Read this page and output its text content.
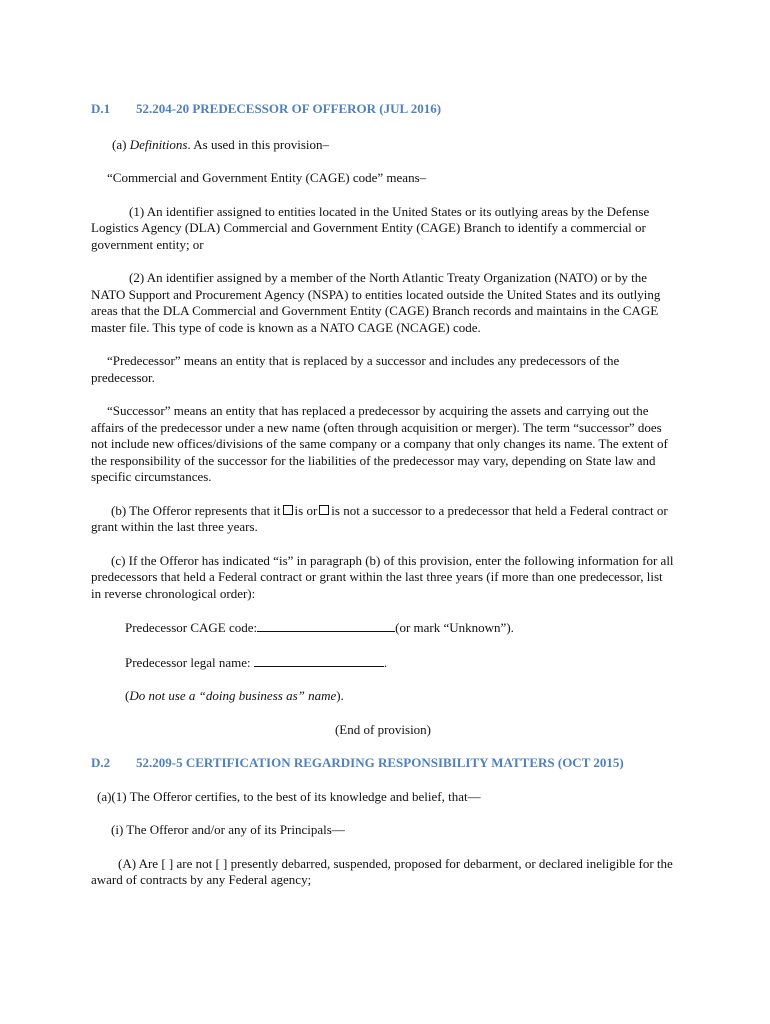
D.1 52.204-20 PREDECESSOR OF OFFEROR (JUL 2016)

(a) Definitions. As used in this provision–

“Commercial and Government Entity (CAGE) code” means–

(1) An identifier assigned to entities located in the United States or its outlying areas by the Defense Logistics Agency (DLA) Commercial and Government Entity (CAGE) Branch to identify a commercial or government entity; or

(2) An identifier assigned by a member of the North Atlantic Treaty Organization (NATO) or by the NATO Support and Procurement Agency (NSPA) to entities located outside the United States and its outlying areas that the DLA Commercial and Government Entity (CAGE) Branch records and maintains in the CAGE master file. This type of code is known as a NATO CAGE (NCAGE) code.

“Predecessor” means an entity that is replaced by a successor and includes any predecessors of the predecessor.

“Successor” means an entity that has replaced a predecessor by acquiring the assets and carrying out the affairs of the predecessor under a new name (often through acquisition or merger). The term “successor” does not include new offices/divisions of the same company or a company that only changes its name. The extent of the responsibility of the successor for the liabilities of the predecessor may vary, depending on State law and specific circumstances.

(b) The Offeror represents that it is or is not a successor to a predecessor that held a Federal contract or grant within the last three years.

(c) If the Offeror has indicated “is” in paragraph (b) of this provision, enter the following information for all predecessors that held a Federal contract or grant within the last three years (if more than one predecessor, list in reverse chronological order):

Predecessor CAGE code:	(or mark “Unknown”).

Predecessor legal name:	.

(Do not use a “doing business as” name).

(End of provision)

D.2 52.209-5 CERTIFICATION REGARDING RESPONSIBILITY MATTERS (OCT 2015)

(a)(1) The Offeror certifies, to the best of its knowledge and belief, that—

(i) The Offeror and/or any of its Principals—

(A) Are [ ] are not [ ] presently debarred, suspended, proposed for debarment, or declared ineligible for the award of contracts by any Federal agency;
